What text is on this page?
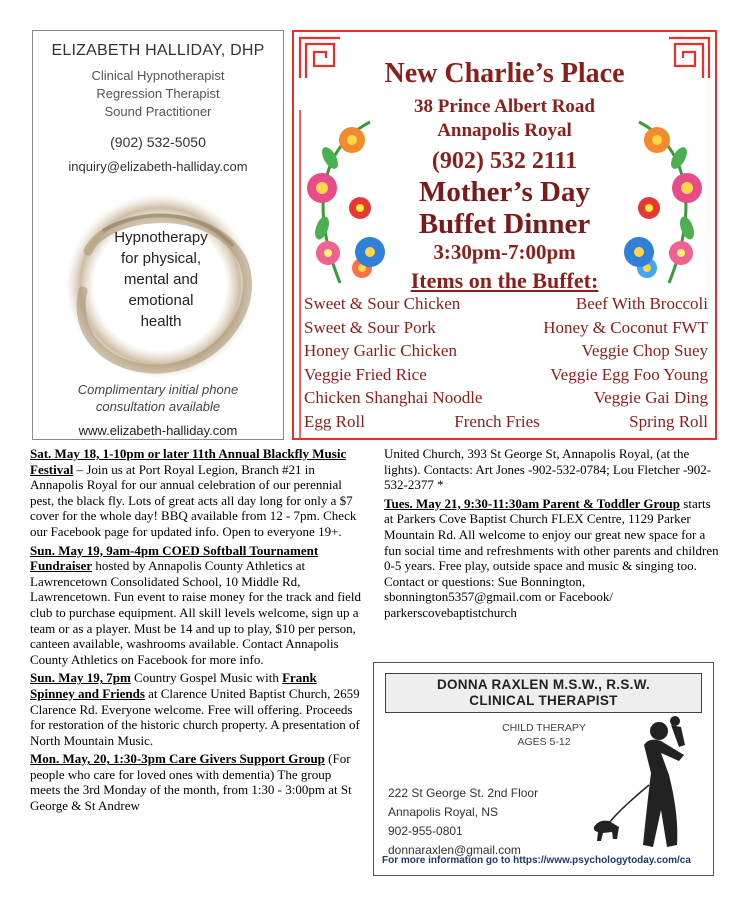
ELIZABETH HALLIDAY, DHP
Clinical Hypnotherapist
Regression Therapist
Sound Practitioner
(902) 532-5050
inquiry@elizabeth-halliday.com
Hypnotherapy
for physical,
mental and
emotional
health
Complimentary initial phone
consultation available
www.elizabeth-halliday.com
New Charlie’s Place
38 Prince Albert Road
Annapolis Royal
(902) 532 2111
Mother’s Day
Buffet Dinner
3:30pm-7:00pm
Items on the Buffet:
Sweet & Sour Chicken	Beef With Broccoli
Sweet & Sour Pork	Honey & Coconut FWT
Honey Garlic Chicken	Veggie Chop Suey
Veggie Fried Rice	Veggie Egg Foo Young
Chicken Shanghai Noodle	Veggie Gai Ding
Egg Roll	French Fries	Spring Roll

Sat. May 18, 1-10pm or later 11th Annual Blackfly Music Festival – Join us at Port Royal Legion, Branch #21 in Annapolis Royal for our annual celebration of our perennial pest, the black fly. Lots of great acts all day long for only a $7 cover for the whole day! BBQ available from 12 - 7pm. Check our Facebook page for updated info. Open to everyone 19+.

Sun. May 19, 9am-4pm COED Softball Tournament Fundraiser hosted by Annapolis County Athletics at Lawrencetown Consolidated School, 10 Middle Rd, Lawrencetown. Fun event to raise money for the track and field club to purchase equipment. All skill levels welcome, sign up a team or as a player. Must be 14 and up to play, $10 per person, canteen available, washrooms available. Contact Annapolis County Athletics on Facebook for more info.

Sun. May 19, 7pm Country Gospel Music with Frank Spinney and Friends at Clarence United Baptist Church, 2659 Clarence Rd. Everyone welcome. Free will offering. Proceeds for restoration of the historic church property. A presentation of North Mountain Music.

Mon. May, 20, 1:30-3pm Care Givers Support Group (For people who care for loved ones with dementia) The group meets the 3rd Monday of the month, from 1:30 - 3:00pm at St George & St Andrew

United Church, 393 St George St, Annapolis Royal, (at the lights). Contacts: Art Jones -902-532-0784; Lou Fletcher -902-532-2377 *

Tues. May 21, 9:30-11:30am Parent & Toddler Group starts at Parkers Cove Baptist Church FLEX Centre, 1129 Parker Mountain Rd. All welcome to enjoy our great new space for a fun social time and refreshments with other parents and children 0-5 years. Free play, outside space and music & singing too. Contact or questions: Sue Bonnington, sbonnington5357@gmail.com or Facebook/ parkerscovebaptistchurch

DONNA RAXLEN M.S.W., R.S.W.
CLINICAL THERAPIST
CHILD THERAPY
AGES 5-12
222 St George St. 2nd Floor
Annapolis Royal, NS
902-955-0801
donnaraxlen@gmail.com
For more information go to https://www.psychologytoday.com/ca
